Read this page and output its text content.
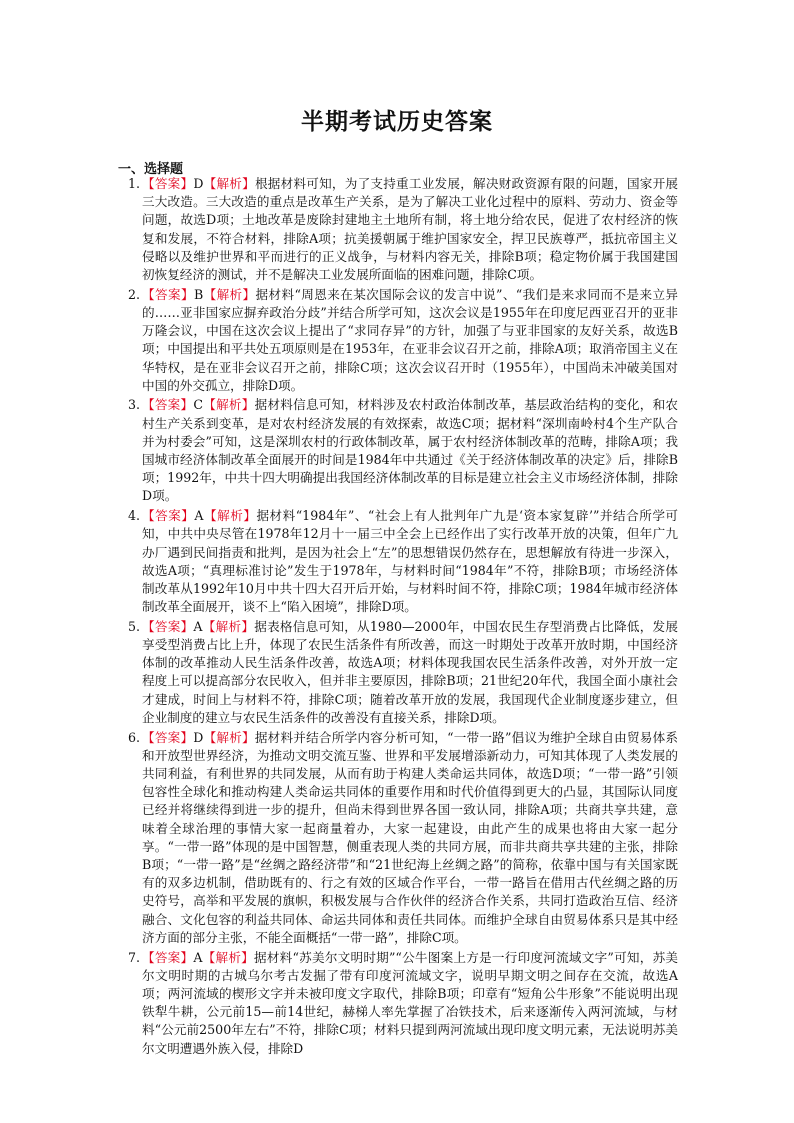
半期考试历史答案
一、选择题
1. 【答案】D【解析】根据材料可知，为了支持重工业发展，解决财政资源有限的问题，国家开展三大改造。三大改造的重点是改革生产关系，是为了解决工业化过程中的原料、劳动力、资金等问题，故选D项；土地改革是废除封建地主土地所有制，将土地分给农民，促进了农村经济的恢复和发展，不符合材料，排除A项；抗美援朝属于维护国家安全，捍卫民族尊严，抵抗帝国主义侵略以及维护世界和平而进行的正义战争，与材料内容无关，排除B项；稳定物价属于我国建国初恢复经济的测试，并不是解决工业发展所面临的困难问题，排除C项。
2. 【答案】B【解析】据材料“周恩来在某次国际会议的发言中说”、“我们是来求同而不是来立异的……亚非国家应摒弃政治分歧”并结合所学可知，这次会议是1955年在印度尼西亚召开的亚非万隆会议，中国在这次会议上提出了“求同存异”的方针，加强了与亚非国家的友好关系，故选B项；中国提出和平共处五项原则是在1953年，在亚非会议召开之前，排除A项；取消帝国主义在华特权，是在亚非会议召开之前，排除C项；这次会议召开时（1955年），中国尚未冲破美国对中国的外交孤立，排除D项。
3. 【答案】C【解析】据材料信息可知，材料涉及农村政治体制改革，基层政治结构的变化，和农村生产关系到变革，是对农村经济发展的有效探索，故选C项；据材料“深圳南岭村4个生产队合并为村委会”可知，这是深圳农村的行政体制改革，属于农村经济体制改革的范畴，排除A项；我国城市经济体制改革全面展开的时间是1984年中共通过《关于经济体制改革的决定》后，排除B项；1992年，中共十四大明确提出我国经济体制改革的目标是建立社会主义市场经济体制，排除D项。
4. 【答案】A【解析】据材料“1984年”、“社会上有人批判年广九是‘资本家复辟’”并结合所学可知，中共中央尽管在1978年12月十一届三中全会上已经作出了实行改革开放的决策，但年广九办厂遇到民间指责和批判，是因为社会上“左”的思想错误仍然存在，思想解放有待进一步深入，故选A项；“真理标准讨论”发生于1978年，与材料时间“1984年”不符，排除B项；市场经济体制改革从1992年10月中共十四大召开后开始，与材料时间不符，排除C项；1984年城市经济体制改革全面展开，谈不上“陷入困境”，排除D项。
5. 【答案】A【解析】据表格信息可知，从1980—2000年，中国农民生存型消费占比降低，发展享受型消费占比上升，体现了农民生活条件有所改善，而这一时期处于改革开放时期，中国经济体制的改革推动人民生活条件改善，故选A项；材料体现我国农民生活条件改善，对外开放一定程度上可以提高部分农民收入，但并非主要原因，排除B项；21世纪20年代，我国全面小康社会才建成，时间上与材料不符，排除C项；随着改革开放的发展，我国现代企业制度逐步建立，但企业制度的建立与农民生活条件的改善没有直接关系，排除D项。
6. 【答案】D【解析】据材料并结合所学内容分析可知，“一带一路”倡议为维护全球自由贸易体系和开放型世界经济，为推动文明交流互鉴、世界和平发展增添新动力，可知其体现了人类发展的共同利益，有利世界的共同发展，从而有助于构建人类命运共同体，故选D项；“一带一路”引领包容性全球化和推动构建人类命运共同体的重要作用和时代价值得到更大的凸显，其国际认同度已经并将继续得到进一步的提升，但尚未得到世界各国一致认同，排除A项；共商共享共建，意味着全球治理的事情大家一起商量着办，大家一起建设，由此产生的成果也将由大家一起分享。“一带一路”体现的是中国智慧，侧重表现人类的共同方展，而非共商共享共建的主张，排除B项；“一带一路”是“丝绸之路经济带”和“21世纪海上丝绸之路”的简称，依靠中国与有关国家既有的双多边机制，借助既有的、行之有效的区域合作平台，一带一路旨在借用古代丝绸之路的历史符号，高举和平发展的旗帜，积极发展与合作伙伴的经济合作关系，共同打造政治互信、经济融合、文化包容的利益共同体、命运共同体和责任共同体。而维护全球自由贸易体系只是其中经济方面的部分主张，不能全面概括“一带一路”，排除C项。
7. 【答案】A【解析】据材料“苏美尔文明时期”“公牛图案上方是一行印度河流域文字”可知，苏美尔文明时期的古城乌尔考古发掘了带有印度河流域文字，说明早期文明之间存在交流，故选A项；两河流域的楔形文字并未被印度文字取代，排除B项；印章有“短角公牛形象”不能说明出现铁犁牛耕，公元前15—前14世纪，赫梯人率先掌握了冶铁技术，后来逐渐传入两河流域，与材料“公元前2500年左右”不符，排除C项；材料只提到两河流域出现印度文明元素，无法说明苏美尔文明遭遇外族入侵，排除D
